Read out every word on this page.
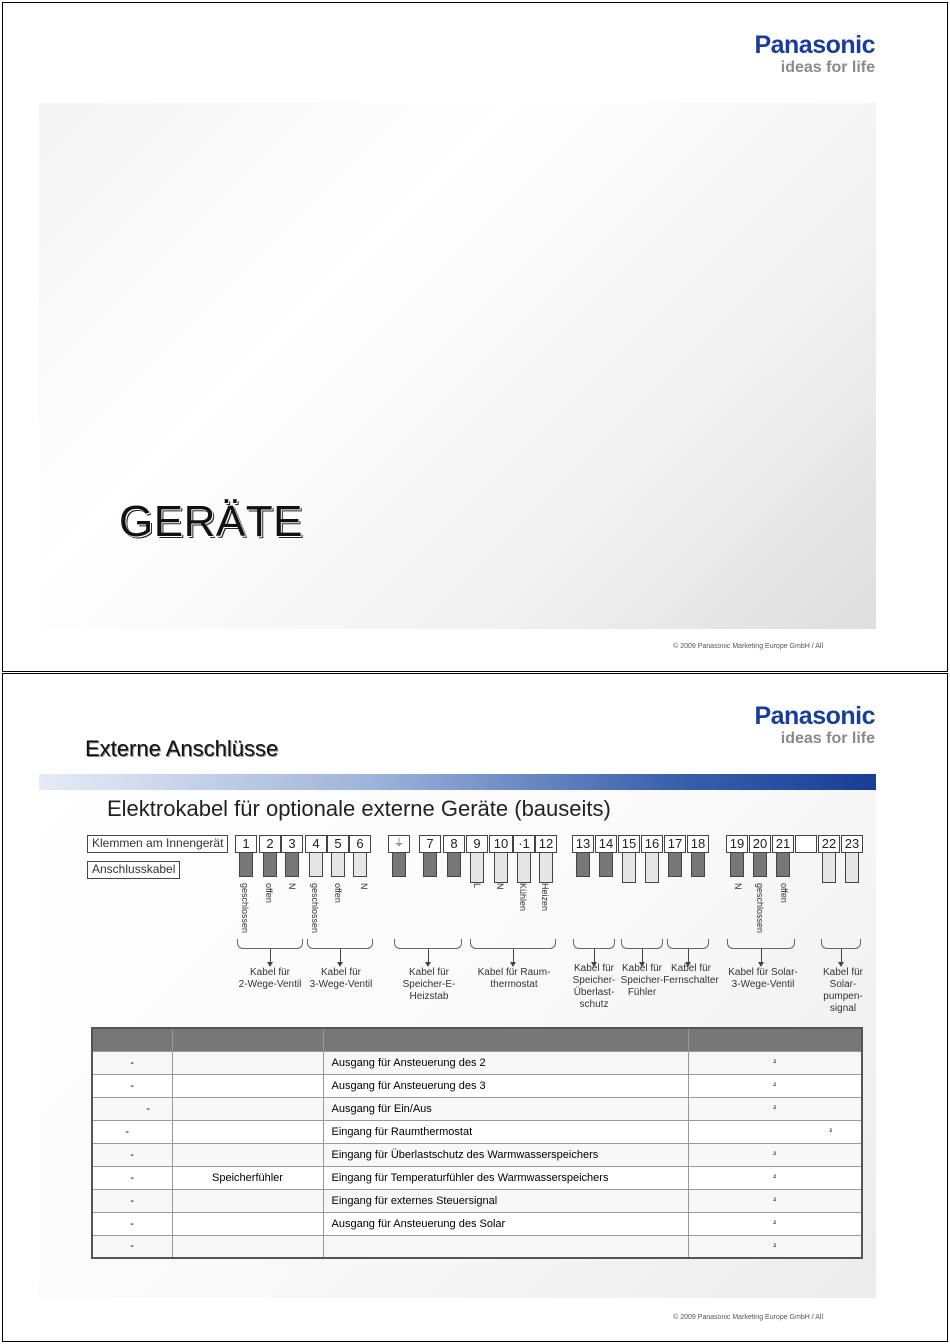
Panasonic
ideas for life
GERÄTE
© 2009 Panasonic Marketing Europe GmbH / All
Panasonic
ideas for life
Externe Anschlüsse
Elektrokabel für optionale externe Geräte (bauseits)
Klemmen am Innengerät
Anschlusskabel
1	2	3	4	5	6	⏚	7	8	9	10 ·1 12 13 14 15 16 17 18 19 20 21 22 23
geschlossen offen N geschlossen offen N	L N Kühlen Heizen	N geschlossen offen
Kabel für
2-Wege-Ventil
Kabel für
3-Wege-Ventil
Kabel für
Speicher-E-
Heizstab
Kabel für Raum-
thermostat
Kabel für
Speicher-
Überlast-
schutz
Kabel für
Speicher-
Fühler
Kabel für
Fernschalter
Kabel für Solar-
3-Wege-Ventil
Kabel für
Solar-
pumpen-
signal

-		Ausgang für Ansteuerung des 2	²
-		Ausgang für Ansteuerung des 3	²
-		Ausgang für Ein/Aus	²
-		Eingang für Raumthermostat	²
-		Eingang für Überlastschutz des Warmwasserspeichers	²
-	Speicherfühler	Eingang für Temperaturfühler des Warmwasserspeichers	²
-		Eingang für externes Steuersignal	²
-		Ausgang für Ansteuerung des Solar	²
-			²
© 2009 Panasonic Marketing Europe GmbH / All
